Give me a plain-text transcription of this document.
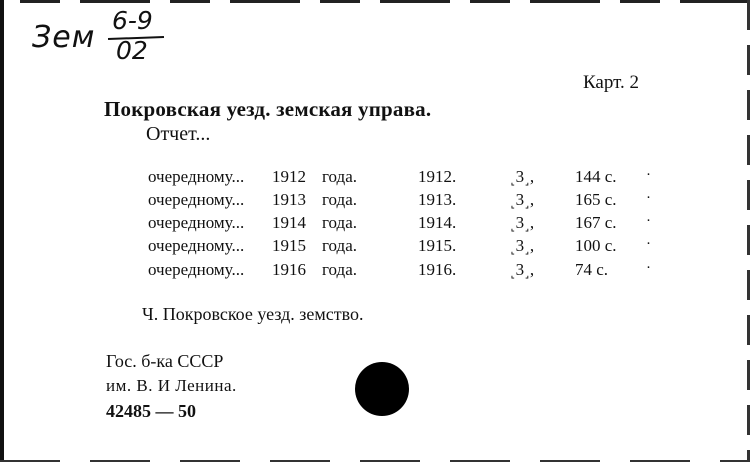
Зем 6-9
02
Карт. 2
Покровская уезд. земская управа.
Отчет...
очередному... 1912 года.	1912.	˻3˼, 144 с. ·
очередному... 1913 года.	1913.	˻3˼, 165 с. ·
очередному... 1914 года.	1914.	˻3˼, 167 с. ·
очередному... 1915 года.	1915.	˻3˼, 100 с. ·
очередному... 1916 года.	1916.	˻3˼, 74 с.	·
Ч. Покровское уезд. земство.
Гос. б-ка СССР
им. В. И Ленина.
42485 — 50
